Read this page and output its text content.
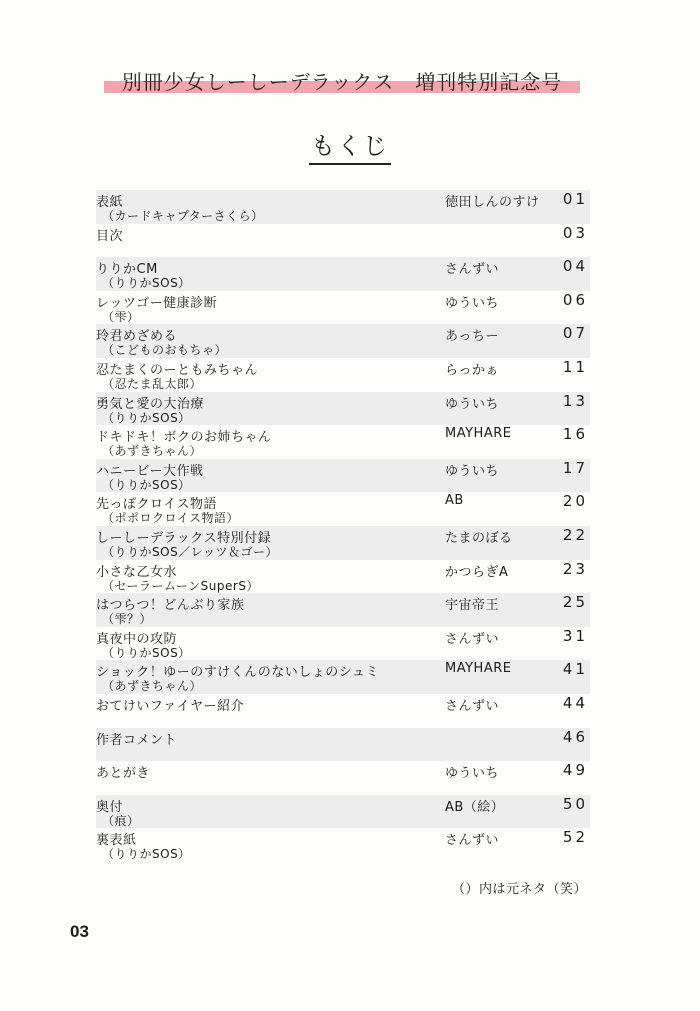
別冊少女しーしーデラックス　増刊特別記念号
もくじ
表紙
（カードキャプターさくら）
徳田しんのすけ 01
目次	03
りりかCM
（りりかSOS）
さんずい	04
レッツゴー健康診断
（雫）
ゆういち	06
玲君めざめる
（こどものおもちゃ）
あっちー	07
忍たまくのーともみちゃん
（忍たま乱太郎）
らっかぁ	11
勇気と愛の大治療
（りりかSOS）
ゆういち	13
ドキドキ！ボクのお姉ちゃん
（あずきちゃん）
MAYHARE	16
ハニービー大作戦
（りりかSOS）
ゆういち	17
先っぽクロイス物語
（ポポロクロイス物語）
AB	20
しーしーデラックス特別付録
（りりかSOS／レッツ＆ゴー）
たまのぼる	22
小さな乙女水
（セーラームーンSuperS）
かつらぎA	23
はつらつ！どんぶり家族
（雫？）
宇宙帝王	25
真夜中の攻防
（りりかSOS）
さんずい	31
ショック！ゆーのすけくんのないしょのシュミ
（あずきちゃん）
MAYHARE	41
おてけいファイヤー紹介	さんずい	44
作者コメント	46
あとがき	ゆういち	49
奥付
（痕）
AB（絵）	50
裏表紙
（りりかSOS）
さんずい	52
（）内は元ネタ（笑）
03
